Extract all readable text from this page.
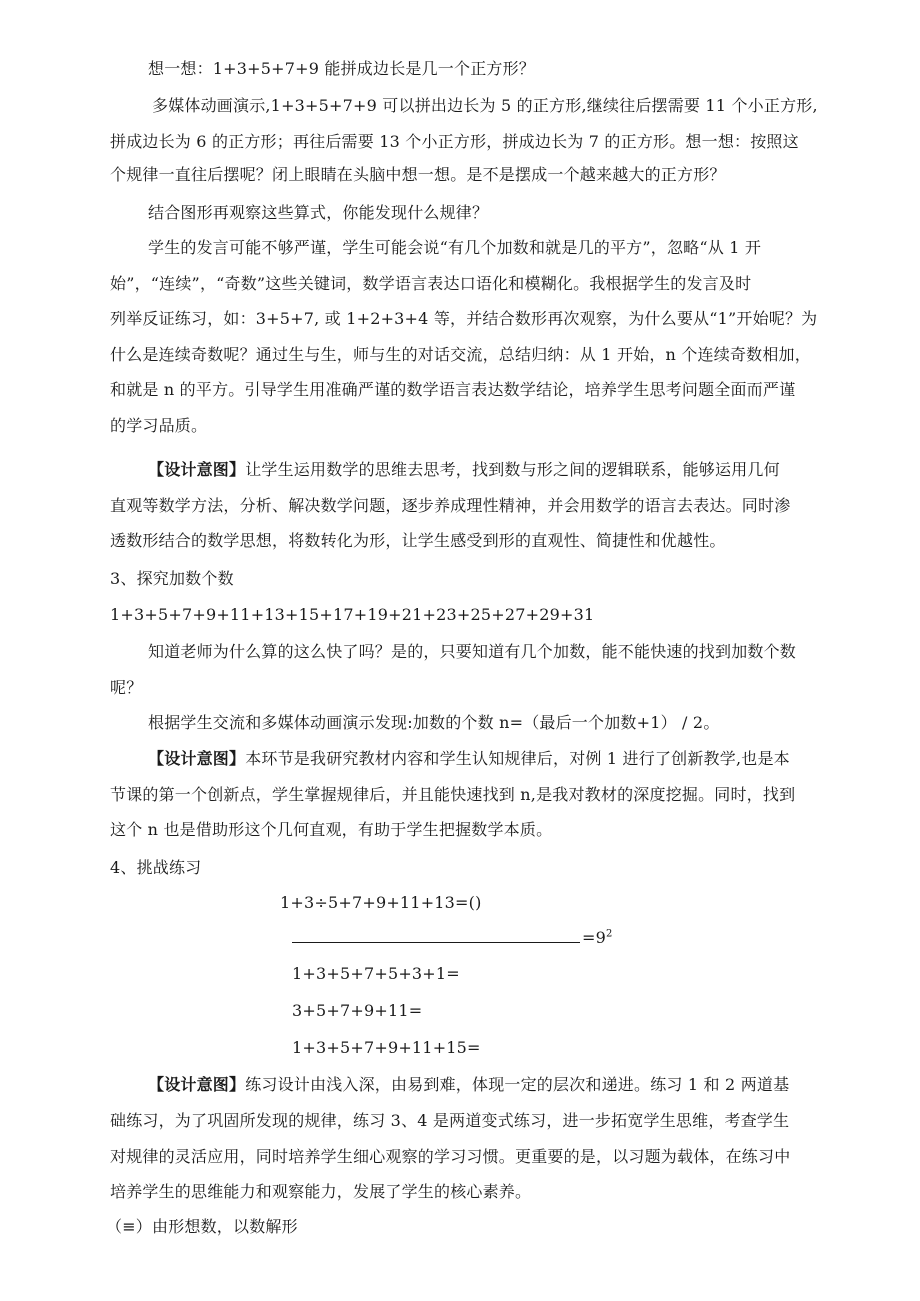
想一想：1+3+5+7+9 能拼成边长是几一个正方形？
多媒体动画演示,1+3+5+7+9 可以拼出边长为 5 的正方形,继续往后摆需要 11 个小正方形,
拼成边长为 6 的正方形；再往后需要 13 个小正方形，拼成边长为 7 的正方形。想一想：按照这
个规律一直往后摆呢？闭上眼睛在头脑中想一想。是不是摆成一个越来越大的正方形？
结合图形再观察这些算式，你能发现什么规律？
学生的发言可能不够严谨，学生可能会说“有几个加数和就是几的平方”，忽略“从 1 开
始”，“连续”，“奇数”这些关键词，数学语言表达口语化和模糊化。我根据学生的发言及时
列举反证练习，如：3+5+7, 或 1+2+3+4 等，并结合数形再次观察，为什么要从“1”开始呢？为
什么是连续奇数呢？通过生与生，师与生的对话交流，总结归纳：从 1 开始，n 个连续奇数相加，
和就是 n 的平方。引导学生用准确严谨的数学语言表达数学结论，培养学生思考问题全面而严谨
的学习品质。
【设计意图】让学生运用数学的思维去思考，找到数与形之间的逻辑联系，能够运用几何
直观等数学方法，分析、解决数学问题，逐步养成理性精神，并会用数学的语言去表达。同时渗
透数形结合的数学思想，将数转化为形，让学生感受到形的直观性、简捷性和优越性。
3、探究加数个数
1+3+5+7+9+11+13+15+17+19+21+23+25+27+29+31
知道老师为什么算的这么快了吗？是的，只要知道有几个加数，能不能快速的找到加数个数
呢？
根据学生交流和多媒体动画演示发现:加数的个数 n=（最后一个加数+1） / 2。
【设计意图】本环节是我研究教材内容和学生认知规律后，对例 1 进行了创新教学,也是本
节课的第一个创新点，学生掌握规律后，并且能快速找到 n,是我对教材的深度挖掘。同时，找到
这个 n 也是借助形这个几何直观，有助于学生把握数学本质。
4、挑战练习
1+3÷5+7+9+11+13=()
$=9^2$
1+3+5+7+5+3+1=
3+5+7+9+11=
1+3+5+7+9+11+15=
【设计意图】练习设计由浅入深，由易到难，体现一定的层次和递进。练习 1 和 2 两道基
础练习，为了巩固所发现的规律，练习 3、4 是两道变式练习，进一步拓宽学生思维，考查学生
对规律的灵活应用，同时培养学生细心观察的学习习惯。更重要的是，以习题为载体，在练习中
培养学生的思维能力和观察能力，发展了学生的核心素养。
（≡）由形想数，以数解形
